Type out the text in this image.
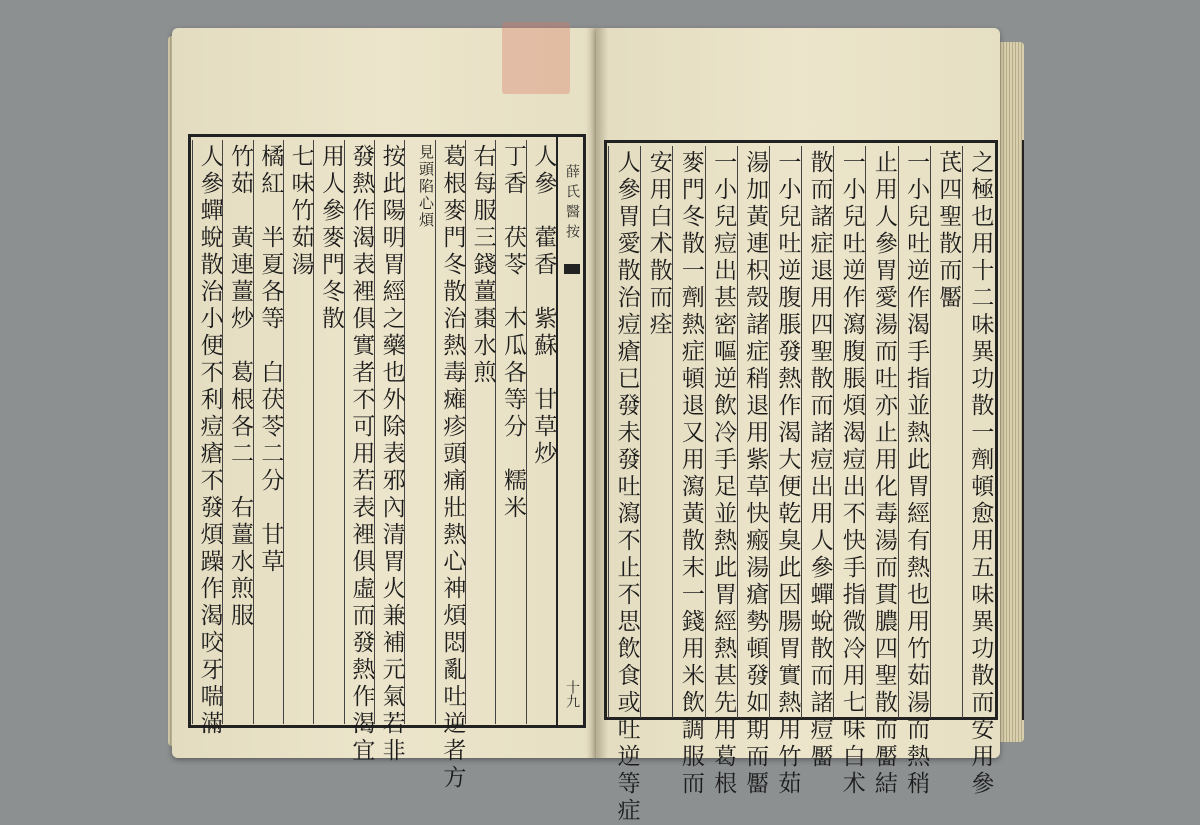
薛氏醫按
十九
人參　藿香　紫蘇　甘草炒
丁香　茯苓　木瓜各等分　糯米
右每服三錢薑棗水煎
葛根麥門冬散治熱毒瘫疹頭痛壯熱心神煩悶亂吐逆者方
見頭陷心煩
按此陽明胃經之藥也外除表邪內清胃火兼補元氣若非
發熱作渴表裡俱實者不可用若表裡俱虛而發熱作渴宜
用人參麥門冬散
七味竹茹湯
橘紅　半夏各等　白茯苓二分　甘草
竹茹　黃連薑炒　葛根各二　右薑水煎服
人參蟬蛻散治小便不利痘瘡不發煩躁作渴咬牙喘滿	之極也用十二味異功散一劑頓愈用五味異功散而安用參
芪四聖散而靨
一小兒吐逆作渴手指並熱此胃經有熱也用竹茹湯而熱稍
止用人參胃愛湯而吐亦止用化毒湯而貫膿四聖散而靨結
一小兒吐逆作瀉腹脹煩渴痘出不快手指微冷用七味白术
散而諸症退用四聖散而諸痘出用人參蟬蛻散而諸痘靨
一小兒吐逆腹脹發熱作渴大便乾臭此因腸胃實熱用竹茹
湯加黃連枳殼諸症稍退用紫草快瘢湯瘡勢頓發如期而靨
一小兒痘出甚密嘔逆飲冷手足並熱此胃經熱甚先用葛根
麥門冬散一劑熱症頓退又用瀉黃散末一錢用米飲調服而
安用白术散而痊
人參胃愛散治痘瘡已發未發吐瀉不止不思飲食或吐逆等症
